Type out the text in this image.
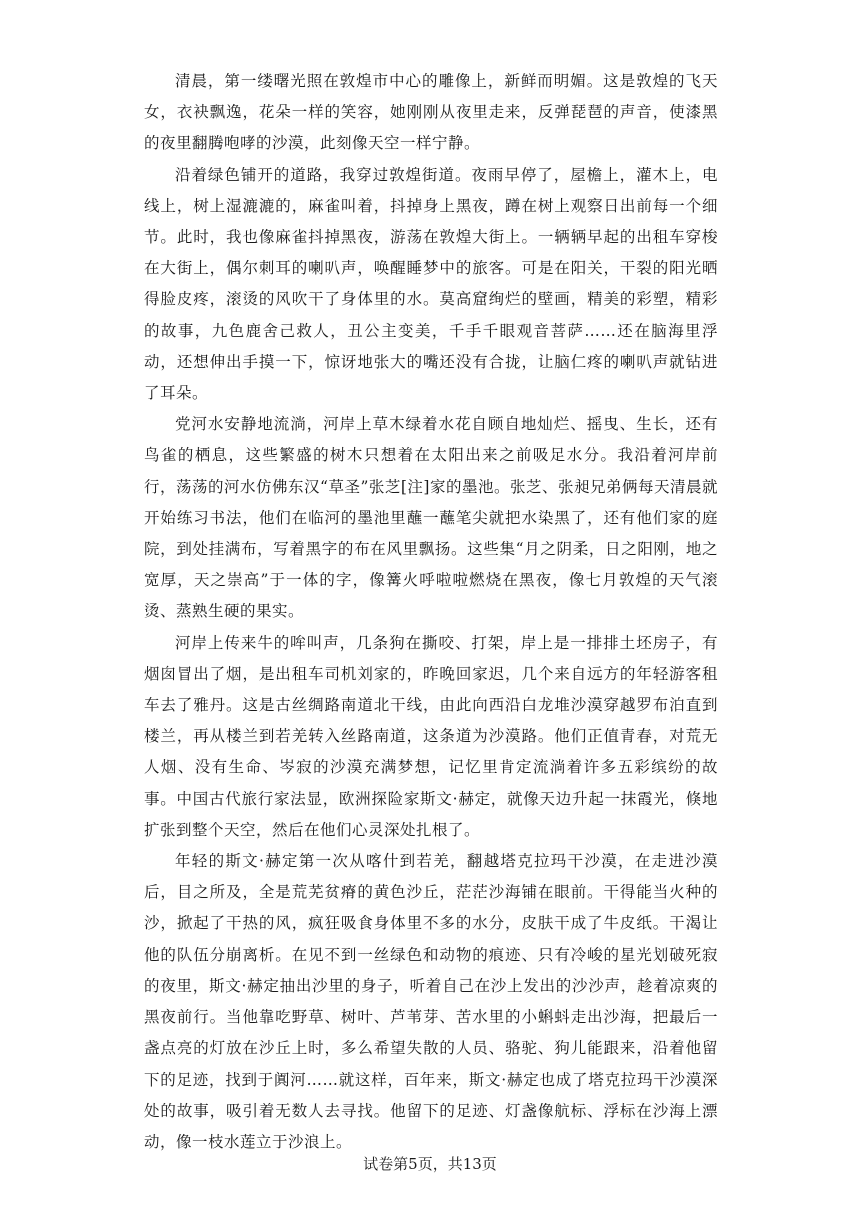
清晨，第一缕曙光照在敦煌市中心的雕像上，新鲜而明媚。这是敦煌的飞天女，衣袂飘逸，花朵一样的笑容，她刚刚从夜里走来，反弹琵琶的声音，使漆黑的夜里翻腾咆哮的沙漠，此刻像天空一样宁静。

沿着绿色铺开的道路，我穿过敦煌街道。夜雨早停了，屋檐上，灌木上，电线上，树上湿漉漉的，麻雀叫着，抖掉身上黑夜，蹲在树上观察日出前每一个细节。此时，我也像麻雀抖掉黑夜，游荡在敦煌大街上。一辆辆早起的出租车穿梭在大街上，偶尔刺耳的喇叭声，唤醒睡梦中的旅客。可是在阳关，干裂的阳光晒得脸皮疼，滚烫的风吹干了身体里的水。莫高窟绚烂的壁画，精美的彩塑，精彩的故事，九色鹿舍己救人，丑公主变美，千手千眼观音菩萨……还在脑海里浮动，还想伸出手摸一下，惊讶地张大的嘴还没有合拢，让脑仁疼的喇叭声就钻进了耳朵。

党河水安静地流淌，河岸上草木绿着水花自顾自地灿烂、摇曳、生长，还有鸟雀的栖息，这些繁盛的树木只想着在太阳出来之前吸足水分。我沿着河岸前行，荡荡的河水仿佛东汉“草圣”张芝[注]家的墨池。张芝、张昶兄弟俩每天清晨就开始练习书法，他们在临河的墨池里蘸一蘸笔尖就把水染黑了，还有他们家的庭院，到处挂满布，写着黑字的布在风里飘扬。这些集“月之阴柔，日之阳刚，地之宽厚，天之崇高”于一体的字，像篝火呼啦啦燃烧在黑夜，像七月敦煌的天气滚烫、蒸熟生硬的果实。

河岸上传来牛的哞叫声，几条狗在撕咬、打架，岸上是一排排土坯房子，有烟囱冒出了烟，是出租车司机刘家的，昨晚回家迟，几个来自远方的年轻游客租车去了雅丹。这是古丝绸路南道北干线，由此向西沿白龙堆沙漠穿越罗布泊直到楼兰，再从楼兰到若羌转入丝路南道，这条道为沙漠路。他们正值青春，对荒无人烟、没有生命、岑寂的沙漠充满梦想，记忆里肯定流淌着许多五彩缤纷的故事。中国古代旅行家法显，欧洲探险家斯文·赫定，就像天边升起一抹霞光，倏地扩张到整个天空，然后在他们心灵深处扎根了。

年轻的斯文·赫定第一次从喀什到若羌，翻越塔克拉玛干沙漠，在走进沙漠后，目之所及，全是荒芜贫瘠的黄色沙丘，茫茫沙海铺在眼前。干得能当火种的沙，掀起了干热的风，疯狂吸食身体里不多的水分，皮肤干成了牛皮纸。干渴让他的队伍分崩离析。在见不到一丝绿色和动物的痕迹、只有冷峻的星光划破死寂的夜里，斯文·赫定抽出沙里的身子，听着自己在沙上发出的沙沙声，趁着凉爽的黑夜前行。当他靠吃野草、树叶、芦苇芽、苦水里的小蝌蚪走出沙海，把最后一盏点亮的灯放在沙丘上时，多么希望失散的人员、骆驼、狗儿能跟来，沿着他留下的足迹，找到于阗河……就这样，百年来，斯文·赫定也成了塔克拉玛干沙漠深处的故事，吸引着无数人去寻找。他留下的足迹、灯盏像航标、浮标在沙海上漂动，像一枝水莲立于沙浪上。

试卷第5页，共13页
